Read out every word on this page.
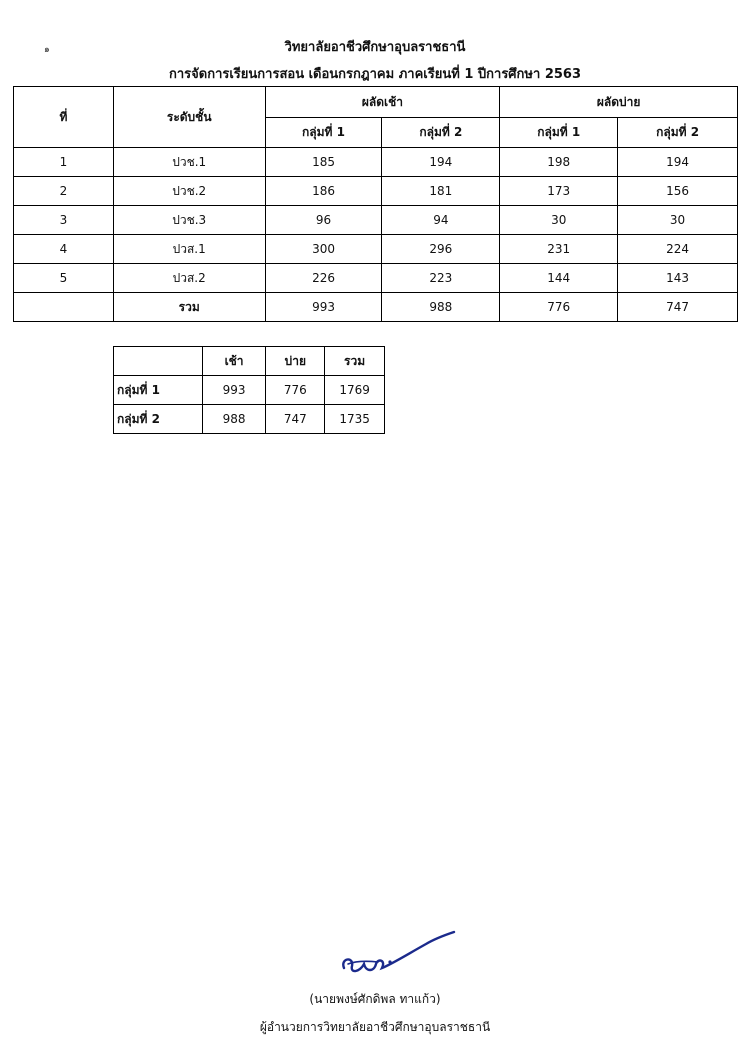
๑	วิทยาลัยอาชีวศึกษาอุบลราชธานี
การจัดการเรียนการสอน เดือนกรกฎาคม ภาคเรียนที่ 1 ปีการศึกษา 2563
ที่	ระดับชั้น	ผลัดเช้า		ผลัดบ่าย	
		กลุ่มที่ 1	กลุ่มที่ 2	กลุ่มที่ 1	กลุ่มที่ 2
1	ปวช.1	185	194	198	194
2	ปวช.2	186	181	173	156
3	ปวช.3	96	94	30	30
4	ปวส.1	300	296	231	224
5	ปวส.2	226	223	144	143
	รวม	993	988	776	747
	เช้า	บ่าย	รวม
กลุ่มที่ 1	993	776	1769
กลุ่มที่ 2	988	747	1735
(นายพงษ์ศักดิพล ทาแก้ว)
ผู้อำนวยการวิทยาลัยอาชีวศึกษาอุบลราชธานี
